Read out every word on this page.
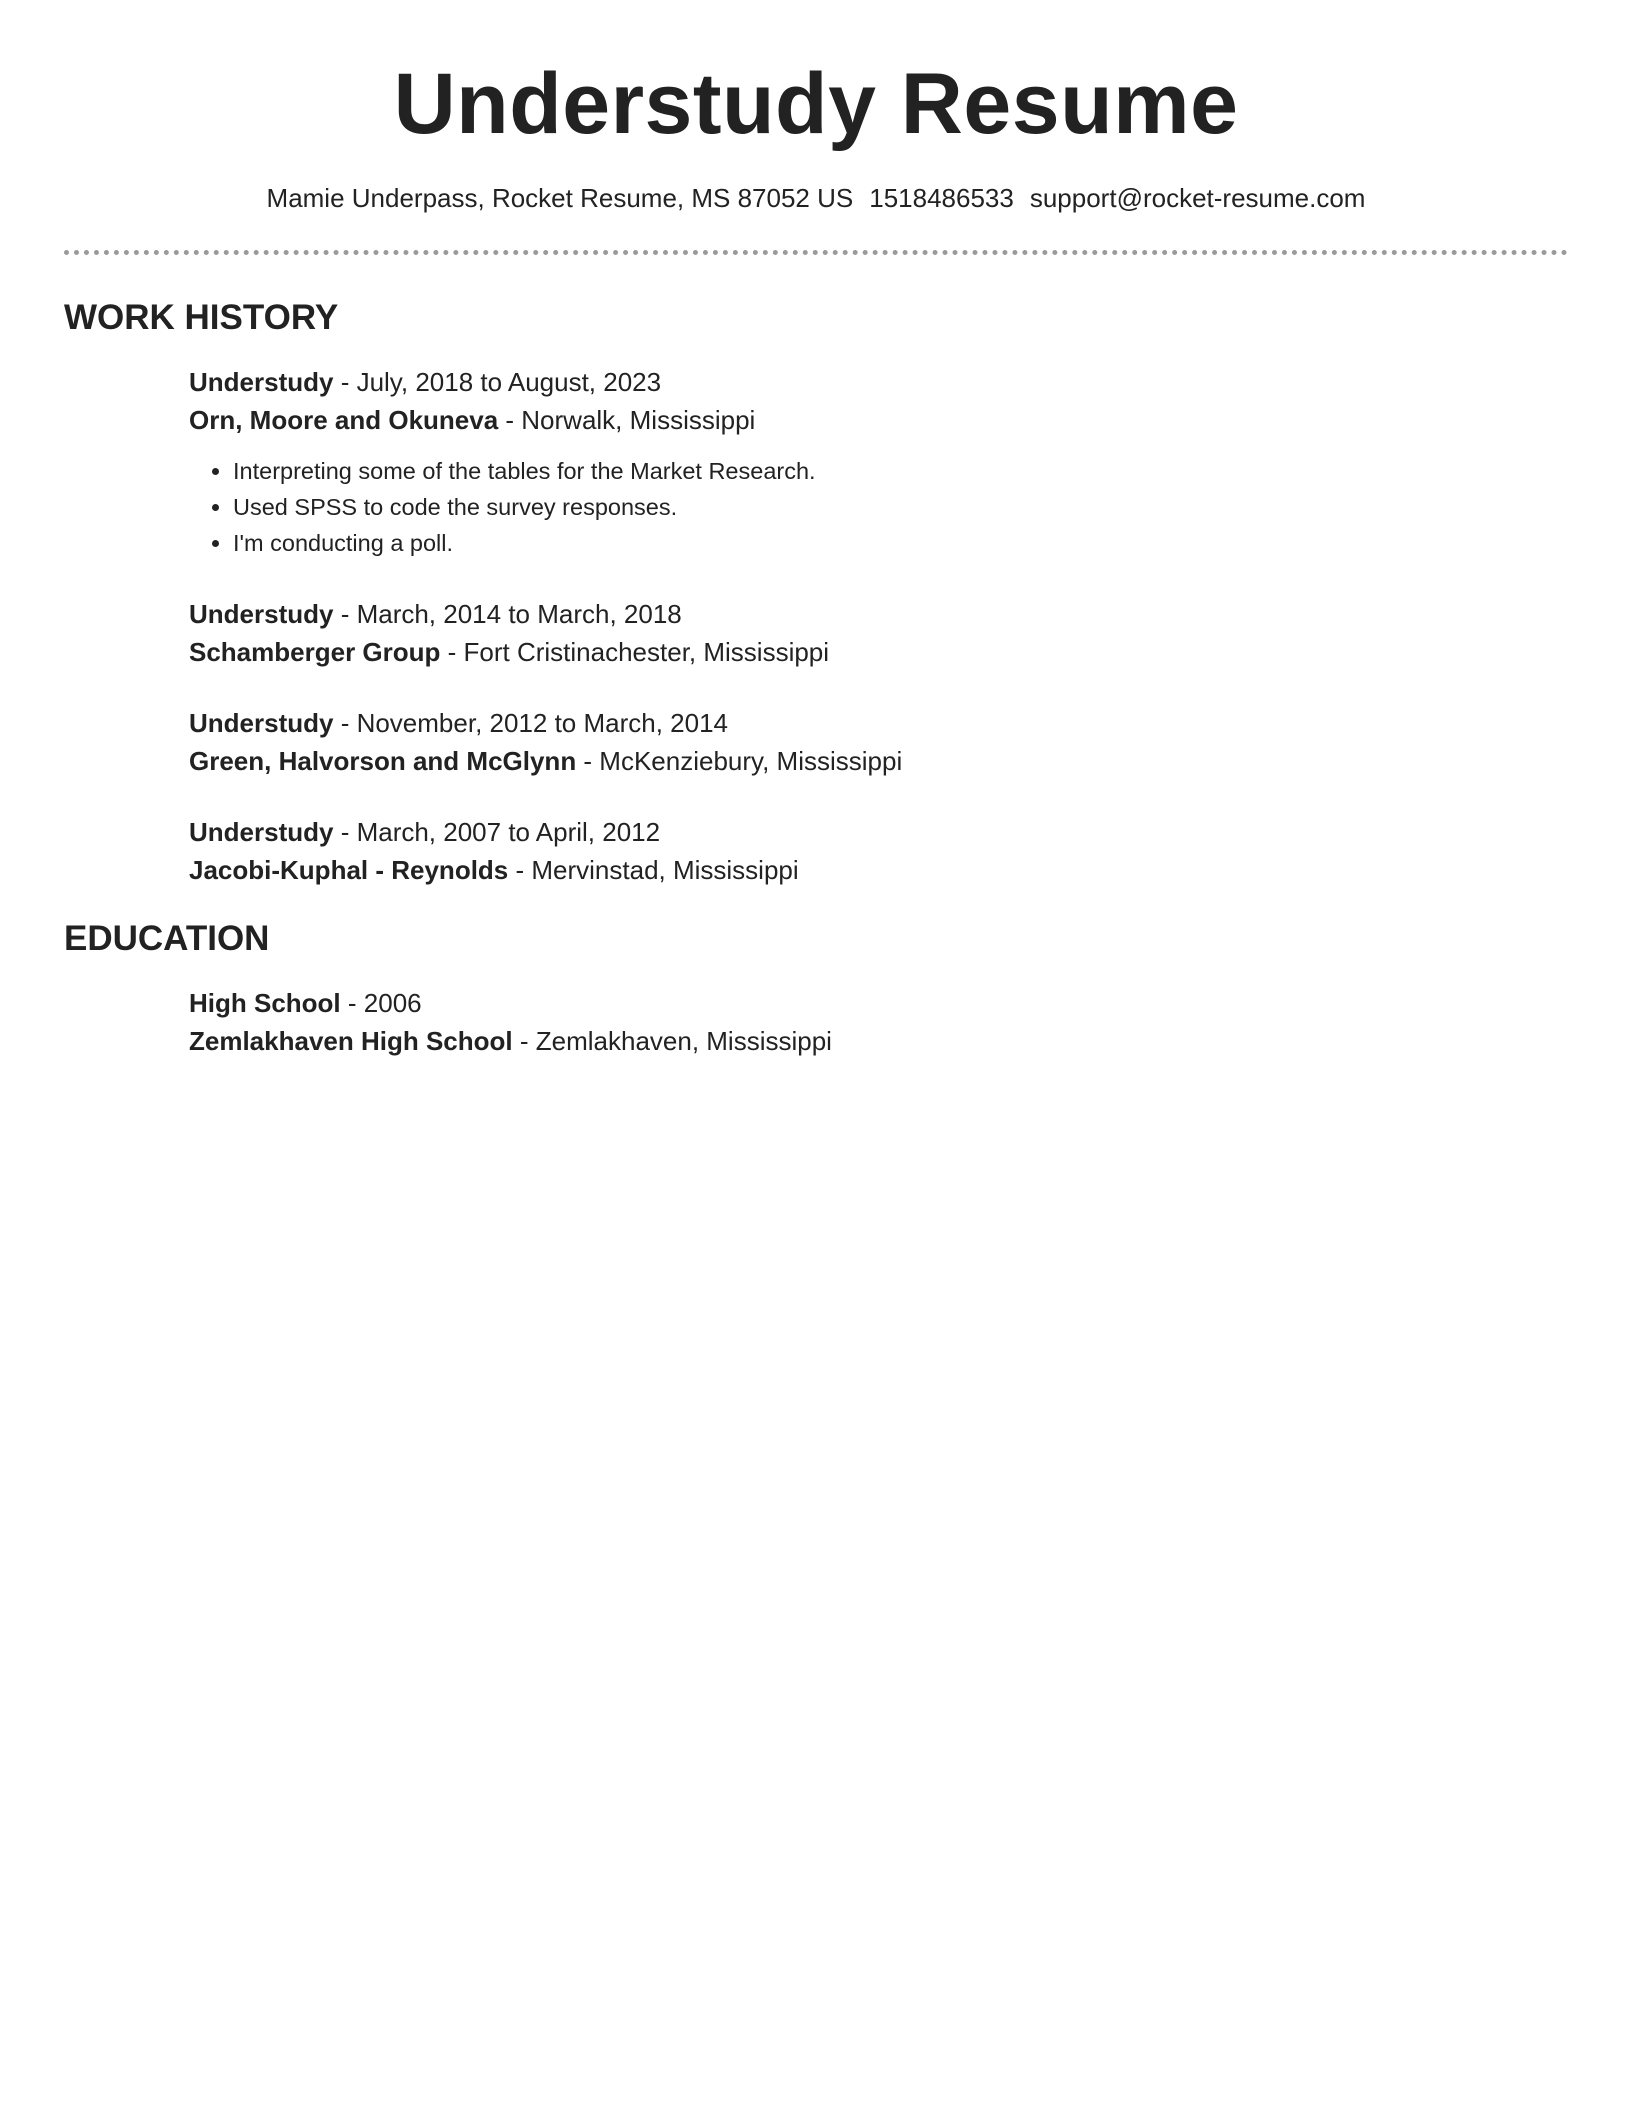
Understudy Resume
Mamie Underpass, Rocket Resume, MS 87052 US 1518486533 support@rocket-resume.com
WORK HISTORY
Understudy - July, 2018 to August, 2023
Orn, Moore and Okuneva - Norwalk, Mississippi
• Interpreting some of the tables for the Market Research.
• Used SPSS to code the survey responses.
• I'm conducting a poll.
Understudy - March, 2014 to March, 2018
Schamberger Group - Fort Cristinachester, Mississippi
Understudy - November, 2012 to March, 2014
Green, Halvorson and McGlynn - McKenziebury, Mississippi
Understudy - March, 2007 to April, 2012
Jacobi-Kuphal - Reynolds - Mervinstad, Mississippi
EDUCATION
High School - 2006
Zemlakhaven High School - Zemlakhaven, Mississippi
